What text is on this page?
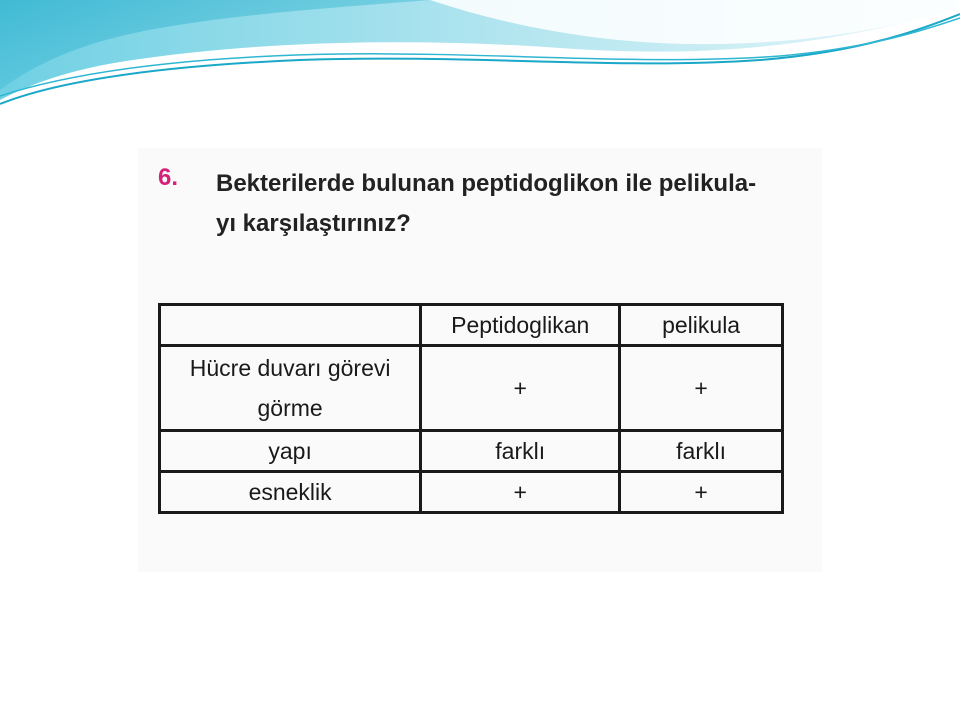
6. Bekterilerde bulunan peptidoglikon ile pelikula-
yı karşılaştırınız?
	Peptidoglikan	pelikula
Hücre duvarı görevi
görme	+	+
yapı	farklı	farklı
esneklik	+	+
